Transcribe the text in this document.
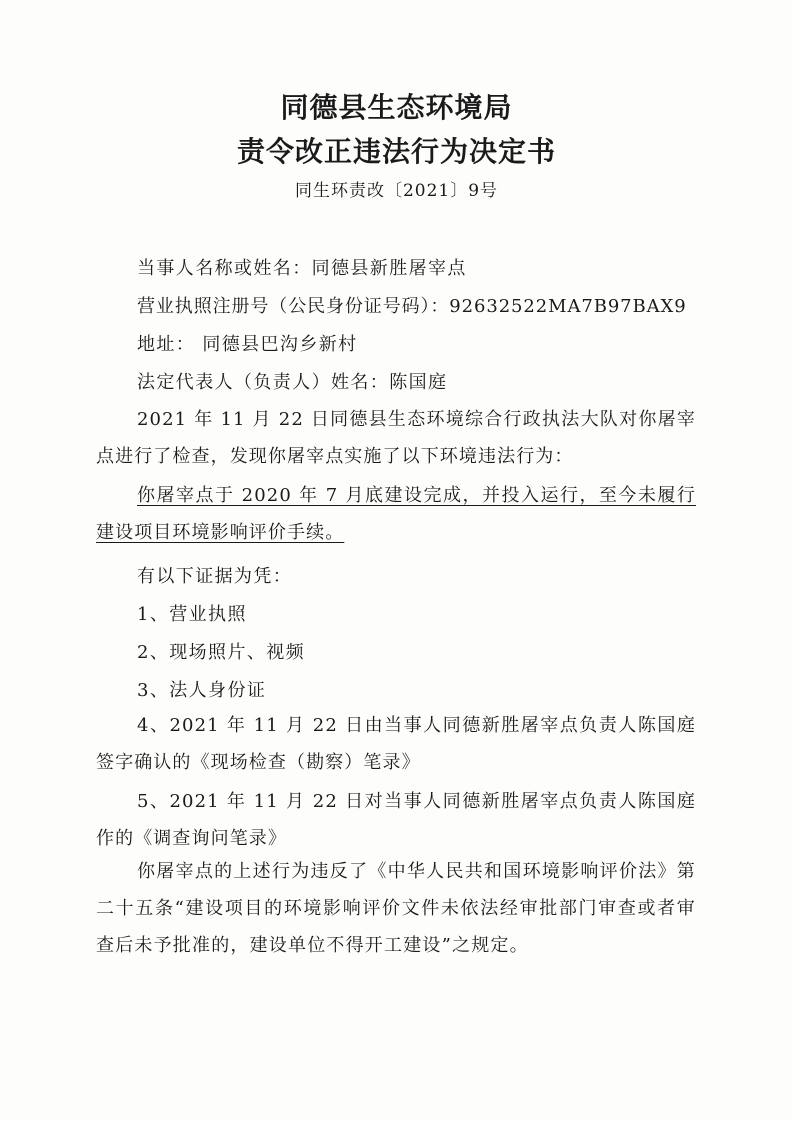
同德县生态环境局
责令改正违法行为决定书
同生环责改〔2021〕9号
当事人名称或姓名：同德县新胜屠宰点
营业执照注册号（公民身份证号码）：92632522MA7B97BAX9
地址： 同德县巴沟乡新村
法定代表人（负责人）姓名：陈国庭
2021 年 11 月 22 日同德县生态环境综合行政执法大队对你屠宰点进行了检查，发现你屠宰点实施了以下环境违法行为：
你屠宰点于 2020 年 7 月底建设完成，并投入运行，至今未履行建设项目环境影响评价手续。
有以下证据为凭：
1、营业执照
2、现场照片、视频
3、法人身份证
4、2021 年 11 月 22 日由当事人同德新胜屠宰点负责人陈国庭签字确认的《现场检查（勘察）笔录》
5、2021 年 11 月 22 日对当事人同德新胜屠宰点负责人陈国庭作的《调查询问笔录》
你屠宰点的上述行为违反了《中华人民共和国环境影响评价法》第二十五条“建设项目的环境影响评价文件未依法经审批部门审查或者审查后未予批准的，建设单位不得开工建设”之规定。
